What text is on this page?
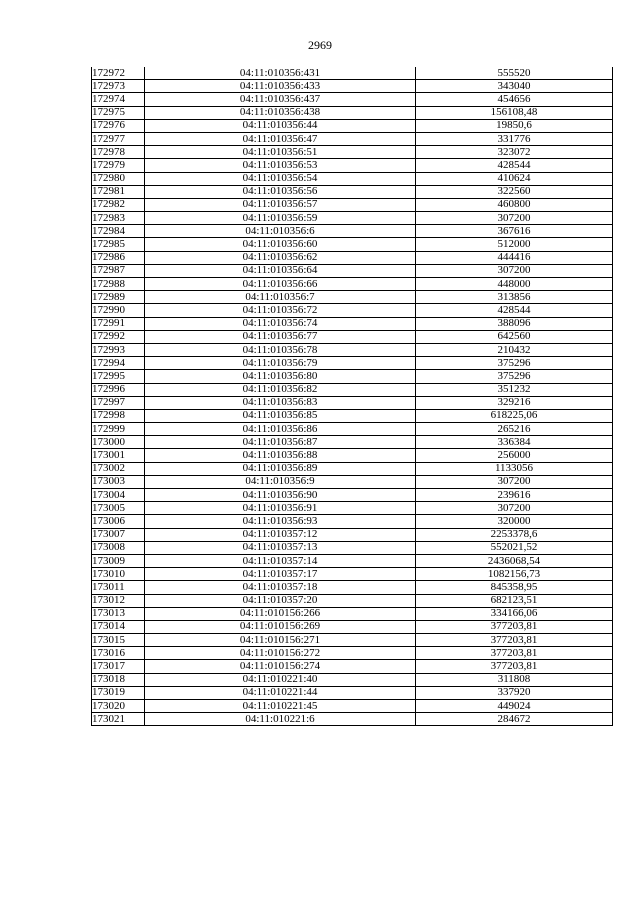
2969
172972	04:11:010356:431	555520
172973	04:11:010356:433	343040
172974	04:11:010356:437	454656
172975	04:11:010356:438	156108,48
172976	04:11:010356:44	19850,6
172977	04:11:010356:47	331776
172978	04:11:010356:51	323072
172979	04:11:010356:53	428544
172980	04:11:010356:54	410624
172981	04:11:010356:56	322560
172982	04:11:010356:57	460800
172983	04:11:010356:59	307200
172984	04:11:010356:6	367616
172985	04:11:010356:60	512000
172986	04:11:010356:62	444416
172987	04:11:010356:64	307200
172988	04:11:010356:66	448000
172989	04:11:010356:7	313856
172990	04:11:010356:72	428544
172991	04:11:010356:74	388096
172992	04:11:010356:77	642560
172993	04:11:010356:78	210432
172994	04:11:010356:79	375296
172995	04:11:010356:80	375296
172996	04:11:010356:82	351232
172997	04:11:010356:83	329216
172998	04:11:010356:85	618225,06
172999	04:11:010356:86	265216
173000	04:11:010356:87	336384
173001	04:11:010356:88	256000
173002	04:11:010356:89	1133056
173003	04:11:010356:9	307200
173004	04:11:010356:90	239616
173005	04:11:010356:91	307200
173006	04:11:010356:93	320000
173007	04:11:010357:12	2253378,6
173008	04:11:010357:13	552021,52
173009	04:11:010357:14	2436068,54
173010	04:11:010357:17	1082156,73
173011	04:11:010357:18	845358,95
173012	04:11:010357:20	682123,51
173013	04:11:010156:266	334166,06
173014	04:11:010156:269	377203,81
173015	04:11:010156:271	377203,81
173016	04:11:010156:272	377203,81
173017	04:11:010156:274	377203,81
173018	04:11:010221:40	311808
173019	04:11:010221:44	337920
173020	04:11:010221:45	449024
173021	04:11:010221:6	284672
